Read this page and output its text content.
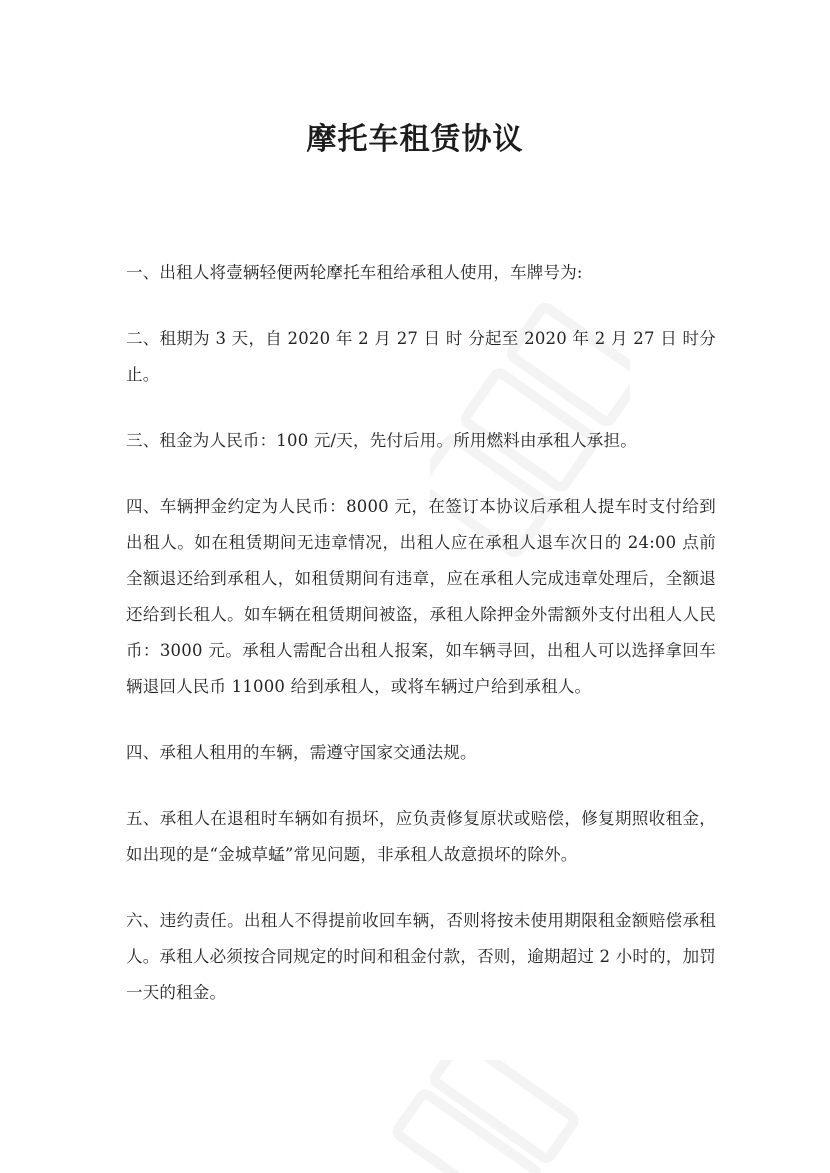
摩托车租赁协议

一、出租人将壹辆轻便两轮摩托车租给承租人使用，车牌号为:

二、租期为 3 天，自 2020 年 2 月 27 日 时 分起至 2020 年 2 月 27 日 时分止。

三、租金为人民币：100 元/天，先付后用。所用燃料由承租人承担。

四、车辆押金约定为人民币：8000 元，在签订本协议后承租人提车时支付给到出租人。如在租赁期间无违章情况，出租人应在承租人退车次日的 24:00 点前全额退还给到承租人，如租赁期间有违章，应在承租人完成违章处理后，全额退还给到长租人。如车辆在租赁期间被盗，承租人除押金外需额外支付出租人人民币：3000 元。承租人需配合出租人报案，如车辆寻回，出租人可以选择拿回车辆退回人民币 11000 给到承租人，或将车辆过户给到承租人。

四、承租人租用的车辆，需遵守国家交通法规。

五、承租人在退租时车辆如有损坏，应负责修复原状或赔偿，修复期照收租金，如出现的是“金城草蜢”常见问题，非承租人故意损坏的除外。

六、违约责任。出租人不得提前收回车辆，否则将按未使用期限租金额赔偿承租人。承租人必须按合同规定的时间和租金付款，否则，逾期超过 2 小时的，加罚一天的租金。
